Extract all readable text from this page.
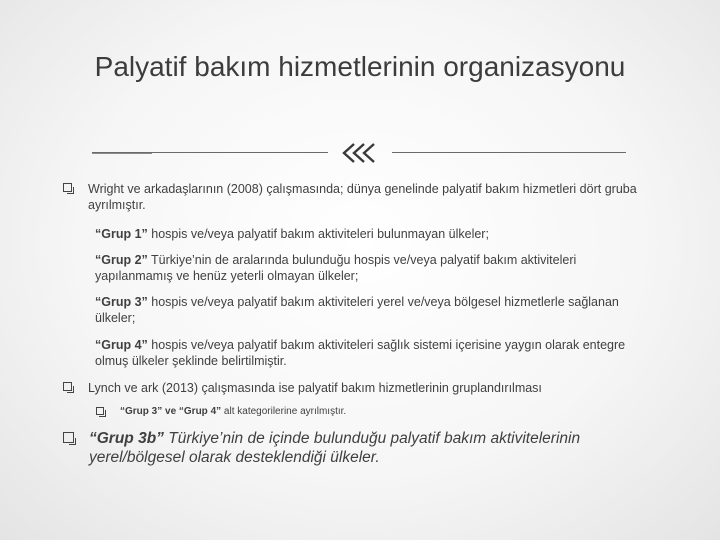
Palyatif bakım hizmetlerinin organizasyonu
Wright ve arkadaşlarının (2008) çalışmasında; dünya genelinde palyatif bakım hizmetleri dört gruba ayrılmıştır.
“Grup 1” hospis ve/veya palyatif bakım aktiviteleri bulunmayan ülkeler;
“Grup 2” Türkiye’nin de aralarında bulunduğu hospis ve/veya palyatif bakım aktiviteleri yapılanmamış ve henüz yeterli olmayan ülkeler;
“Grup 3” hospis ve/veya palyatif bakım aktiviteleri yerel ve/veya bölgesel hizmetlerle sağlanan ülkeler;
“Grup 4” hospis ve/veya palyatif bakım aktiviteleri sağlık sistemi içerisine yaygın olarak entegre olmuş ülkeler şeklinde belirtilmiştir.
Lynch ve ark (2013) çalışmasında ise palyatif bakım hizmetlerinin gruplandırılması
“Grup 3” ve “Grup 4” alt kategorilerine ayrılmıştır.
“Grup 3b” Türkiye’nin de içinde bulunduğu palyatif bakım aktivitelerinin yerel/bölgesel olarak desteklendiği ülkeler.
